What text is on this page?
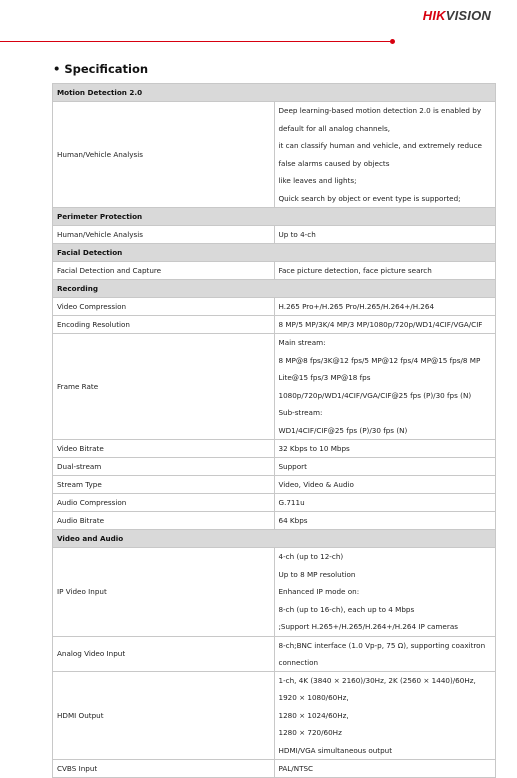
HIKVISION
• Specification
Motion Detection 2.0	
Human/Vehicle Analysis	Deep learning-based motion detection 2.0 is enabled by default for all analog channels,
it can classify human and vehicle, and extremely reduce false alarms caused by objects
like leaves and lights;
Quick search by object or event type is supported;

Perimeter Protection	
Human/Vehicle Analysis	Up to 4-ch

Facial Detection	
Facial Detection and Capture	Face picture detection, face picture search

Recording	
Video Compression	H.265 Pro+/H.265 Pro/H.265/H.264+/H.264

Encoding Resolution	8 MP/5 MP/3K/4 MP/3 MP/1080p/720p/WD1/4CIF/VGA/CIF

Frame Rate	Main stream:
8 MP@8 fps/3K@12 fps/5 MP@12 fps/4 MP@15 fps/8 MP Lite@15 fps/3 MP@18 fps
1080p/720p/WD1/4CIF/VGA/CIF@25 fps (P)/30 fps (N)
Sub-stream:
WD1/4CIF/CIF@25 fps (P)/30 fps (N)

Video Bitrate	32 Kbps to 10 Mbps

Dual-stream	Support

Stream Type	Video, Video & Audio

Audio Compression	G.711u

Audio Bitrate	64 Kbps

Video and Audio	
IP Video Input	4-ch (up to 12-ch)
Up to 8 MP resolution
Enhanced IP mode on:
8-ch (up to 16-ch), each up to 4 Mbps
;Support H.265+/H.265/H.264+/H.264 IP cameras

Analog Video Input	8-ch;BNC interface (1.0 Vp-p, 75 Ω), supporting coaxitron connection

HDMI Output	1-ch, 4K (3840 × 2160)/30Hz, 2K (2560 × 1440)/60Hz,
1920 × 1080/60Hz,
1280 × 1024/60Hz,
1280 × 720/60Hz
HDMI/VGA simultaneous output

CVBS Input	PAL/NTSC
